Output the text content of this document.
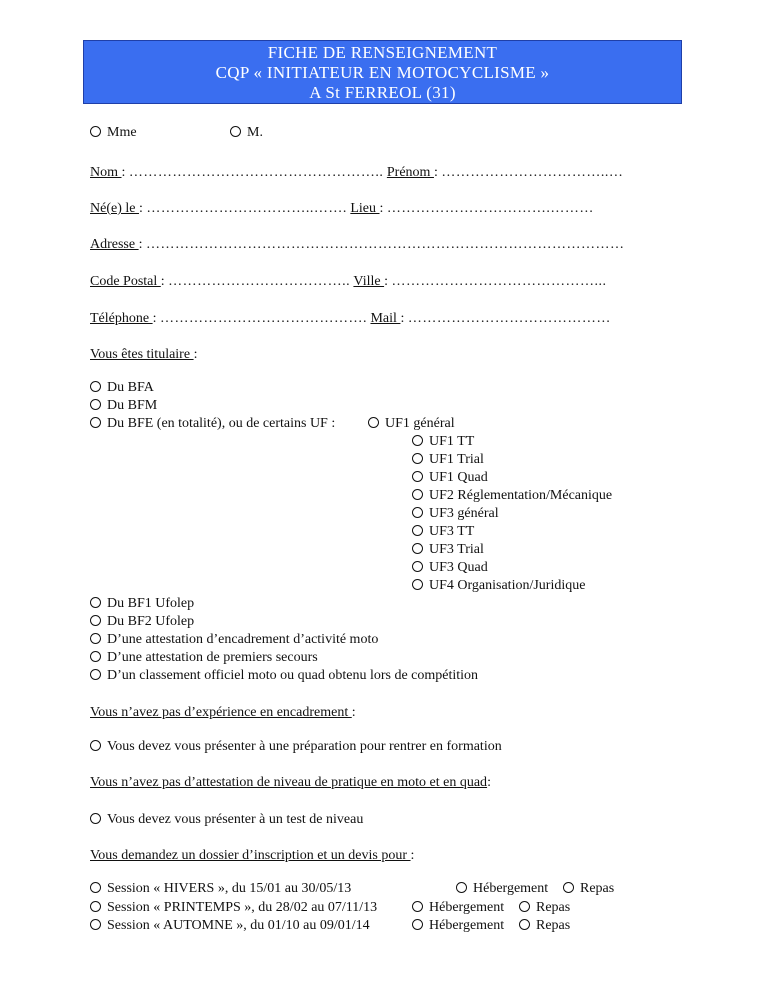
FICHE DE RENSEIGNEMENT
CQP « INITIATEUR EN MOTOCYCLISME »
A St FERREOL (31)
Mme	M.
Nom : …………………………………………….. Prénom : ……………………………..…
Né(e) le : ……………………………..……. Lieu : …………………………….………
Adresse : ………………………………………………………………………………………
Code Postal : ……………………………….. Ville : ……………………………………...
Téléphone : ……………………………………. Mail : ……………………………………
Vous êtes titulaire :
Du BFA
Du BFM
Du BFE (en totalité), ou de certains UF :	UF1 général
UF1 TT
UF1 Trial
UF1 Quad
UF2 Réglementation/Mécanique
UF3 général
UF3 TT
UF3 Trial
UF3 Quad
UF4 Organisation/Juridique
Du BF1 Ufolep
Du BF2 Ufolep
D’une attestation d’encadrement d’activité moto
D’une attestation de premiers secours
D’un classement officiel moto ou quad obtenu lors de compétition
Vous n’avez pas d’expérience en encadrement :
Vous devez vous présenter à une préparation pour rentrer en formation
Vous n’avez pas d’attestation de niveau de pratique en moto et en quad:
Vous devez vous présenter à un test de niveau
Vous demandez un dossier d’inscription et un devis pour :
Session « HIVERS », du 15/01 au 30/05/13	Hébergement	Repas
Session « PRINTEMPS », du 28/02 au 07/11/13	Hébergement	Repas
Session « AUTOMNE », du 01/10 au 09/01/14	Hébergement	Repas
